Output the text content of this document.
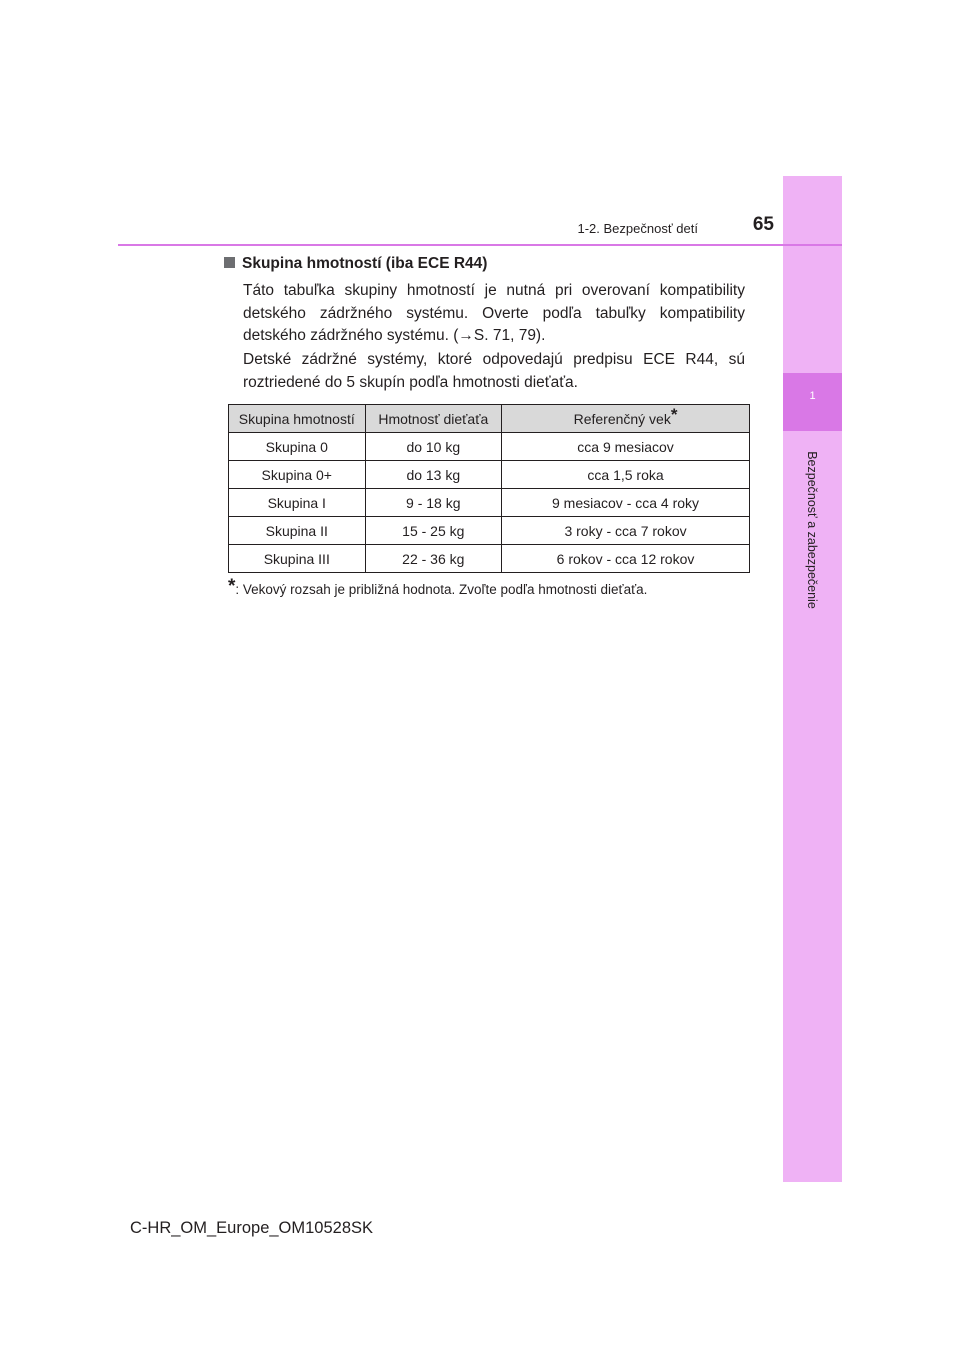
1
Bezpečnosť a zabezpečenie
1-2. Bezpečnosť detí	65
Skupina hmotností (iba ECE R44)
Táto tabuľka skupiny hmotností je nutná pri overovaní kompatibility detského zádržného systému. Overte podľa tabuľky kompatibility detského zádržného systému. (→S. 71, 79).
Detské zádržné systémy, ktoré odpovedajú predpisu ECE R44, sú roztriedené do 5 skupín podľa hmotnosti dieťaťa.
Skupina hmotností	Hmotnosť dieťaťa	Referenčný vek*
Skupina 0	do 10 kg	cca 9 mesiacov
Skupina 0+	do 13 kg	cca 1,5 roka
Skupina I	9 - 18 kg	9 mesiacov - cca 4 roky
Skupina II	15 - 25 kg	3 roky - cca 7 rokov
Skupina III	22 - 36 kg	6 rokov - cca 12 rokov
*: Vekový rozsah je približná hodnota. Zvoľte podľa hmotnosti dieťaťa.
C-HR_OM_Europe_OM10528SK
